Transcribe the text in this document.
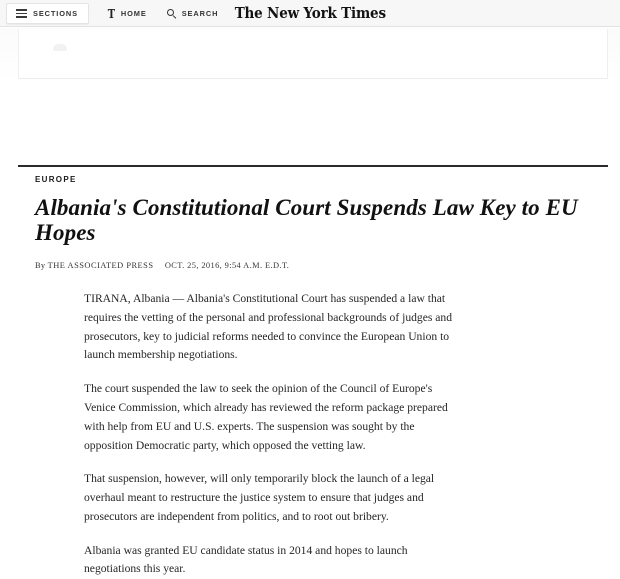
SECTIONS T HOME	SEARCH The New York Times
EUROPE
Albania's Constitutional Court Suspends Law Key to EU Hopes
By THE ASSOCIATED PRESS OCT. 25, 2016, 9:54 A.M. E.D.T.

TIRANA, Albania — Albania's Constitutional Court has suspended a law that requires the vetting of the personal and professional backgrounds of judges and prosecutors, key to judicial reforms needed to convince the European Union to launch membership negotiations.

The court suspended the law to seek the opinion of the Council of Europe's Venice Commission, which already has reviewed the reform package prepared with help from EU and U.S. experts. The suspension was sought by the opposition Democratic party, which opposed the vetting law.

That suspension, however, will only temporarily block the launch of a legal overhaul meant to restructure the justice system to ensure that judges and prosecutors are independent from politics, and to root out bribery.

Albania was granted EU candidate status in 2014 and hopes to launch negotiations this year.
